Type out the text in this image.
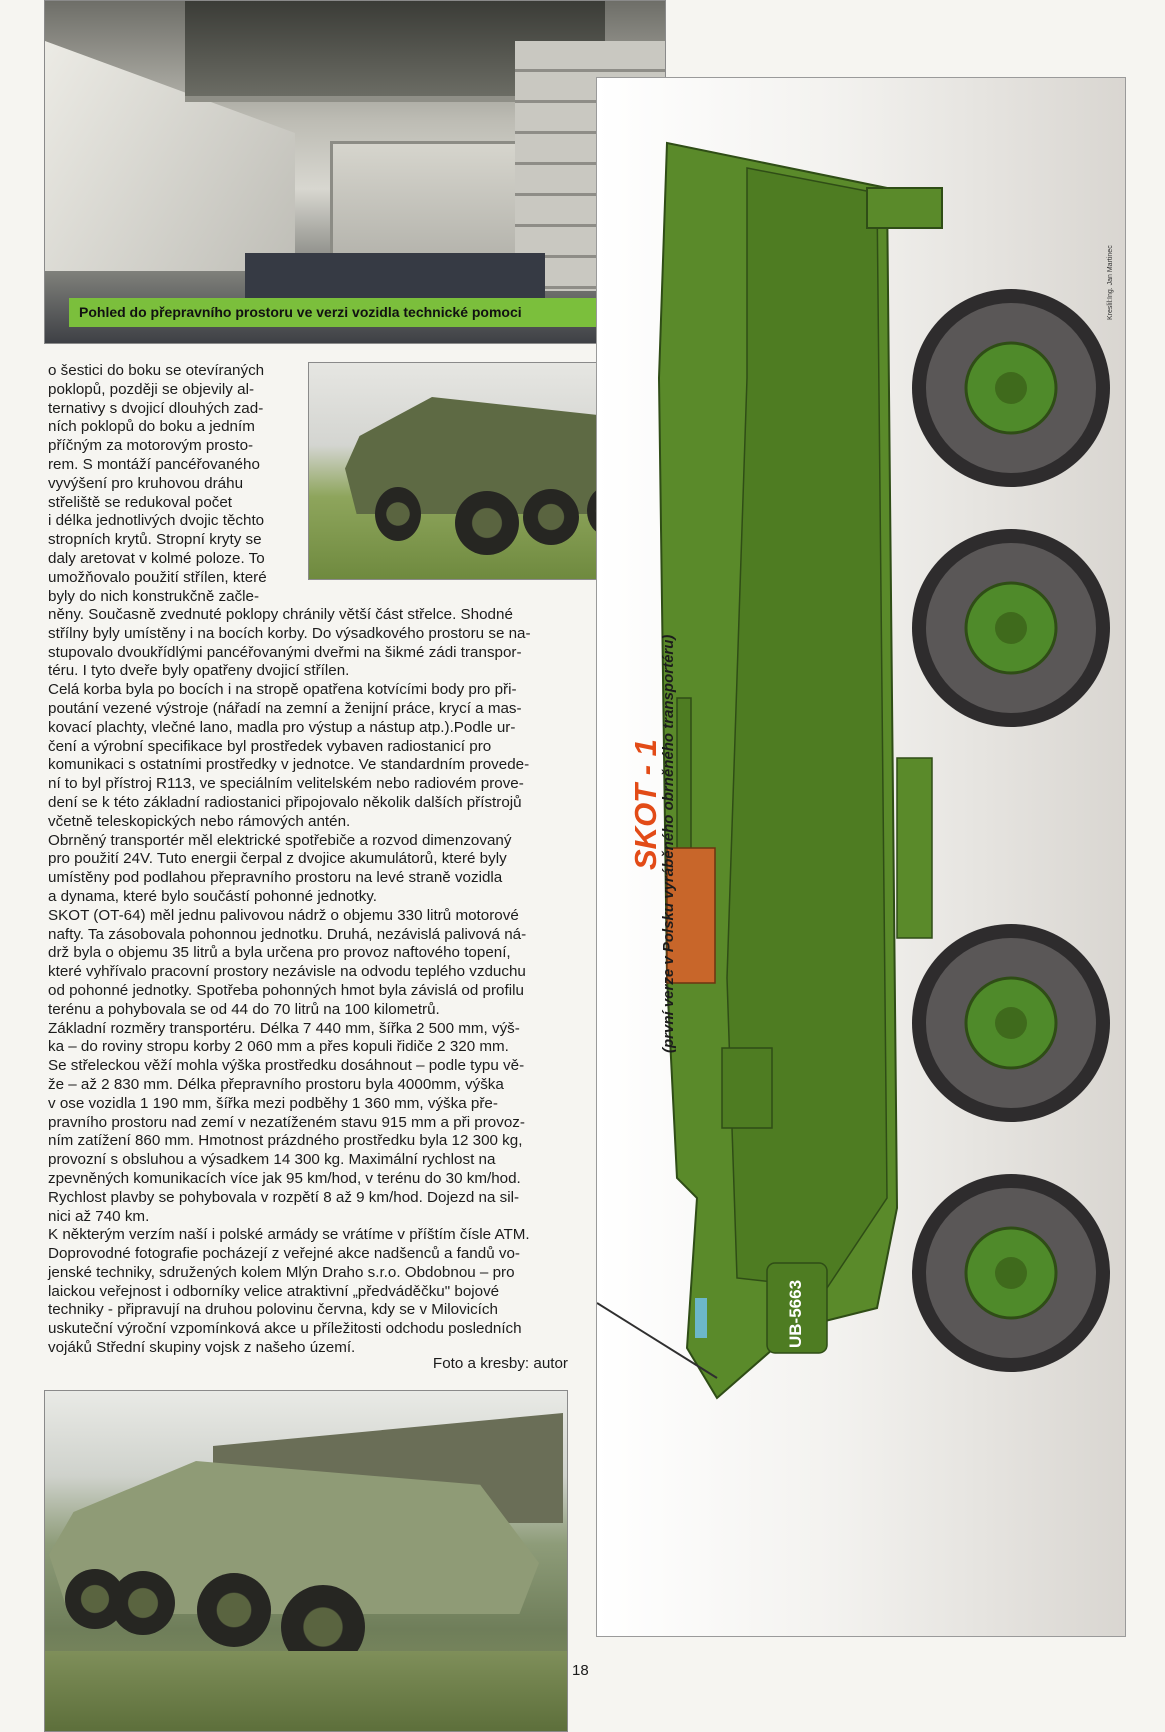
Pohled do přepravního prostoru ve verzi vozidla technické pomoci
o šestici do boku se otevíraných
poklopů, později se objevily al-
ternativy s dvojicí dlouhých zad-
ních poklopů do boku a jedním
příčným za motorovým prosto-
rem. S montáží pancéřovaného
vyvýšení pro kruhovou dráhu
střeliště se redukoval počet
i délka jednotlivých dvojic těchto
stropních krytů. Stropní kryty se
daly aretovat v kolmé poloze. To
umožňovalo použití střílen, které
byly do nich konstrukčně začle-
něny. Současně zvednuté poklopy chránily větší část střelce. Shodné
střílny byly umístěny i na bocích korby. Do výsadkového prostoru se na-
stupovalo dvoukřídlými pancéřovanými dveřmi na šikmé zádi transpor-
téru. I tyto dveře byly opatřeny dvojicí střílen.
Celá korba byla po bocích i na stropě opatřena kotvícími body pro při-
poutání vezené výstroje (nářadí na zemní a ženijní práce, krycí a mas-
kovací plachty, vlečné lano, madla pro výstup a nástup atp.).Podle ur-
čení a výrobní specifikace byl prostředek vybaven radiostanicí pro
komunikaci s ostatními prostředky v jednotce. Ve standardním provede-
ní to byl přístroj R113, ve speciálním velitelském nebo radiovém prove-
dení se k této základní radiostanici připojovalo několik dalších přístrojů
včetně teleskopických nebo rámových antén.
Obrněný transportér měl elektrické spotřebiče a rozvod dimenzovaný
pro použití 24V. Tuto energii čerpal z dvojice akumulátorů, které byly
umístěny pod podlahou přepravního prostoru na levé straně vozidla
a dynama, které bylo součástí pohonné jednotky.
SKOT (OT-64) měl jednu palivovou nádrž o objemu 330 litrů motorové
nafty. Ta zásobovala pohonnou jednotku. Druhá, nezávislá palivová ná-
drž byla o objemu 35 litrů a byla určena pro provoz naftového topení,
které vyhřívalo pracovní prostory nezávisle na odvodu teplého vzduchu
od pohonné jednotky. Spotřeba pohonných hmot byla závislá od profilu
terénu a pohybovala se od 44 do 70 litrů na 100 kilometrů.
Základní rozměry transportéru. Délka 7 440 mm, šířka 2 500 mm, výš-
ka – do roviny stropu korby 2 060 mm a přes kopuli řidiče 2 320 mm.
Se střeleckou věží mohla výška prostředku dosáhnout – podle typu vě-
že – až 2 830 mm. Délka přepravního prostoru byla 4000mm, výška
v ose vozidla 1 190 mm, šířka mezi podběhy 1 360 mm, výška pře-
pravního prostoru nad zemí v nezatíženém stavu 915 mm a při provoz-
ním zatížení 860 mm. Hmotnost prázdného prostředku byla 12 300 kg,
provozní s obsluhou a výsadkem 14 300 kg. Maximální rychlost na
zpevněných komunikacích více jak 95 km/hod, v terénu do 30 km/hod.
Rychlost plavby se pohybovala v rozpětí 8 až 9 km/hod. Dojezd na sil-
nici až 740 km.
K některým verzím naší i polské armády se vrátíme v příštím čísle ATM.
Doprovodné fotografie pocházejí z veřejné akce nadšenců a fandů vo-
jenské techniky, sdružených kolem Mlýn Draho s.r.o. Obdobnou – pro
laickou veřejnost i odborníky velice atraktivní „předváděčku" bojové
techniky - připravují na druhou polovinu června, kdy se v Milovicích
uskuteční výroční vzpomínková akce u příležitosti odchodu posledních
vojáků Střední skupiny vojsk z našeho území.
Foto a kresby: autor
UB-5663
SKOT - 1
(první verze v Polsku vyráběného obrněného transportéru)
Kreslil:Ing. Jan Martinec
18
